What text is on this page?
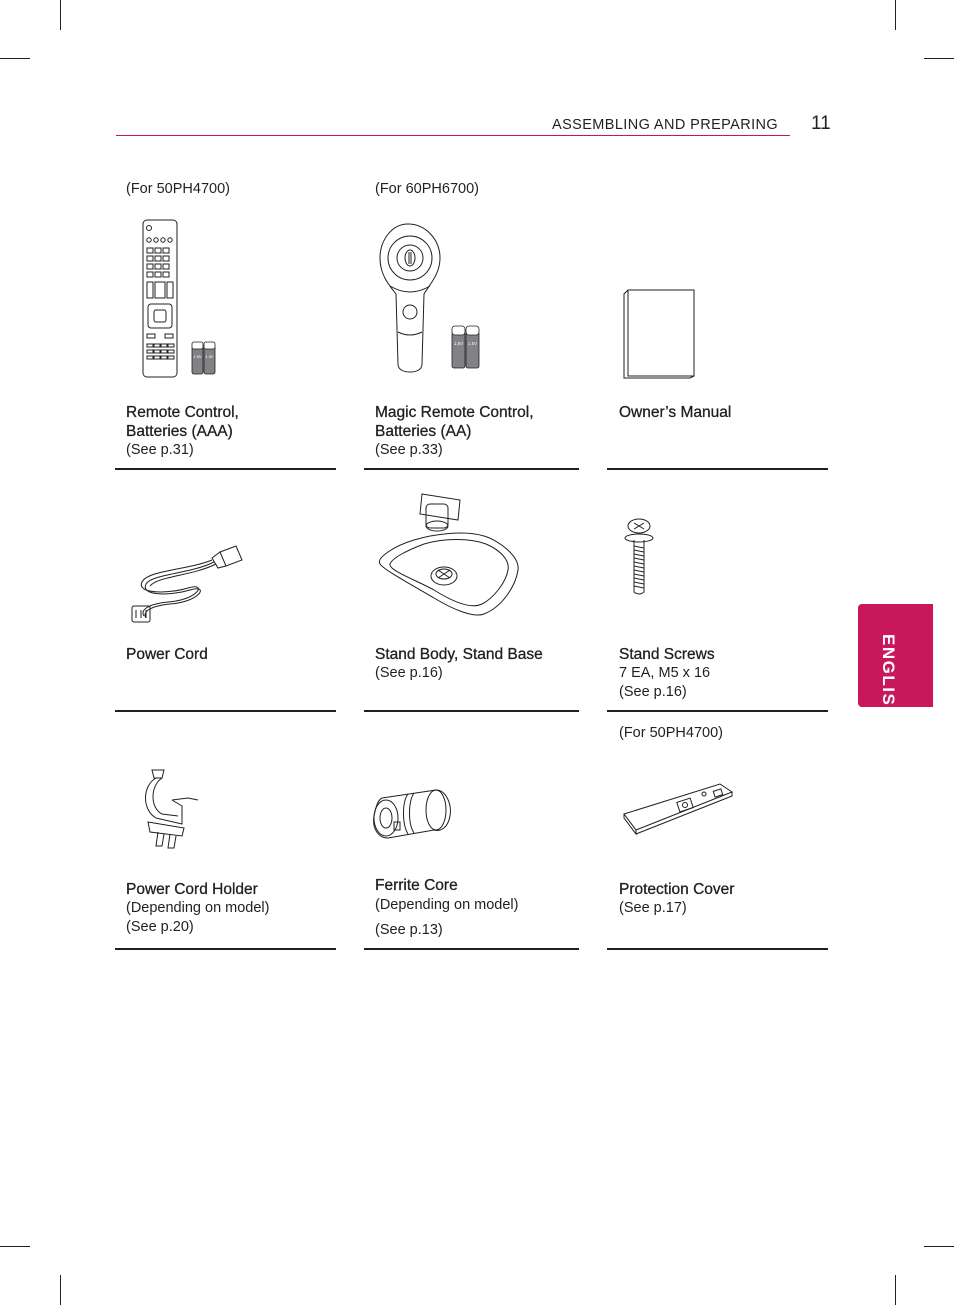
ASSEMBLING AND PREPARING 11
ENGLISH
(For 50PH4700)
1.5V 1.5V
Remote Control,
Batteries (AAA)
(See p.31)
(For 60PH6700)
1.5V 1.5V
Magic Remote Control,
Batteries (AA)
(See p.33)
Owner’s Manual
Power Cord	Stand Body, Stand Base
(See p.16)
Stand Screws
7 EA, M5 x 16
(See p.16)
Power Cord Holder
(Depending on model)
(See p.20)
Ferrite Core
(Depending on model)
(See p.13)
(For 50PH4700)
Protection Cover
(See p.17)
